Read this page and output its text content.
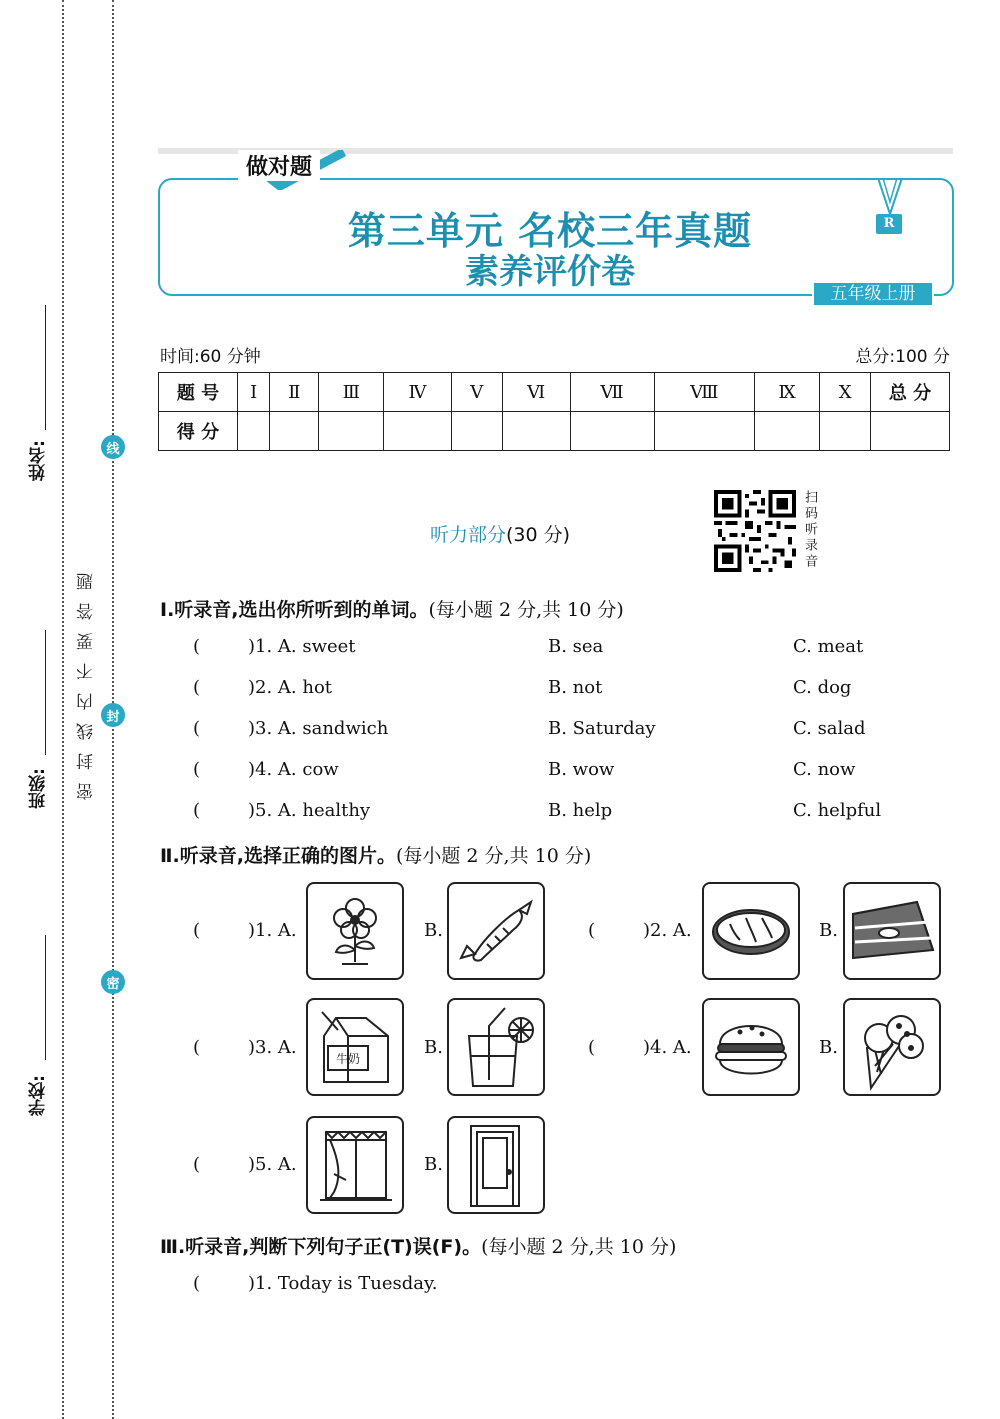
姓名:
班级:
学校:
密封线内不要答题
线
封
密
做对题
第三单元 名校三年真题
素养评价卷
R
五年级上册
时间:60 分钟	总分:100 分
题 号	Ⅰ	Ⅱ	Ⅲ	Ⅳ	Ⅴ	Ⅵ	Ⅶ	Ⅷ	Ⅸ	Ⅹ	总 分
得 分											
听力部分(30 分)	扫码听录音
Ⅰ.听录音,选出你所听到的单词。(每小题 2 分,共 10 分)
(	)1. A. sweet	B. sea	C. meat
(	)2. A. hot	B. not	C. dog
(	)3. A. sandwich	B. Saturday	C. salad
(	)4. A. cow	B. wow	C. now
(	)5. A. healthy	B. help	C. helpful
Ⅱ.听录音,选择正确的图片。(每小题 2 分,共 10 分)
(	)1. A.	B.	(	)2. A.	B.
(	)3. A.
牛奶
B.	(	)4. A.	B.
(	)5. A.	B.
Ⅲ.听录音,判断下列句子正(T)误(F)。(每小题 2 分,共 10 分)
(	)1. Today is Tuesday.
